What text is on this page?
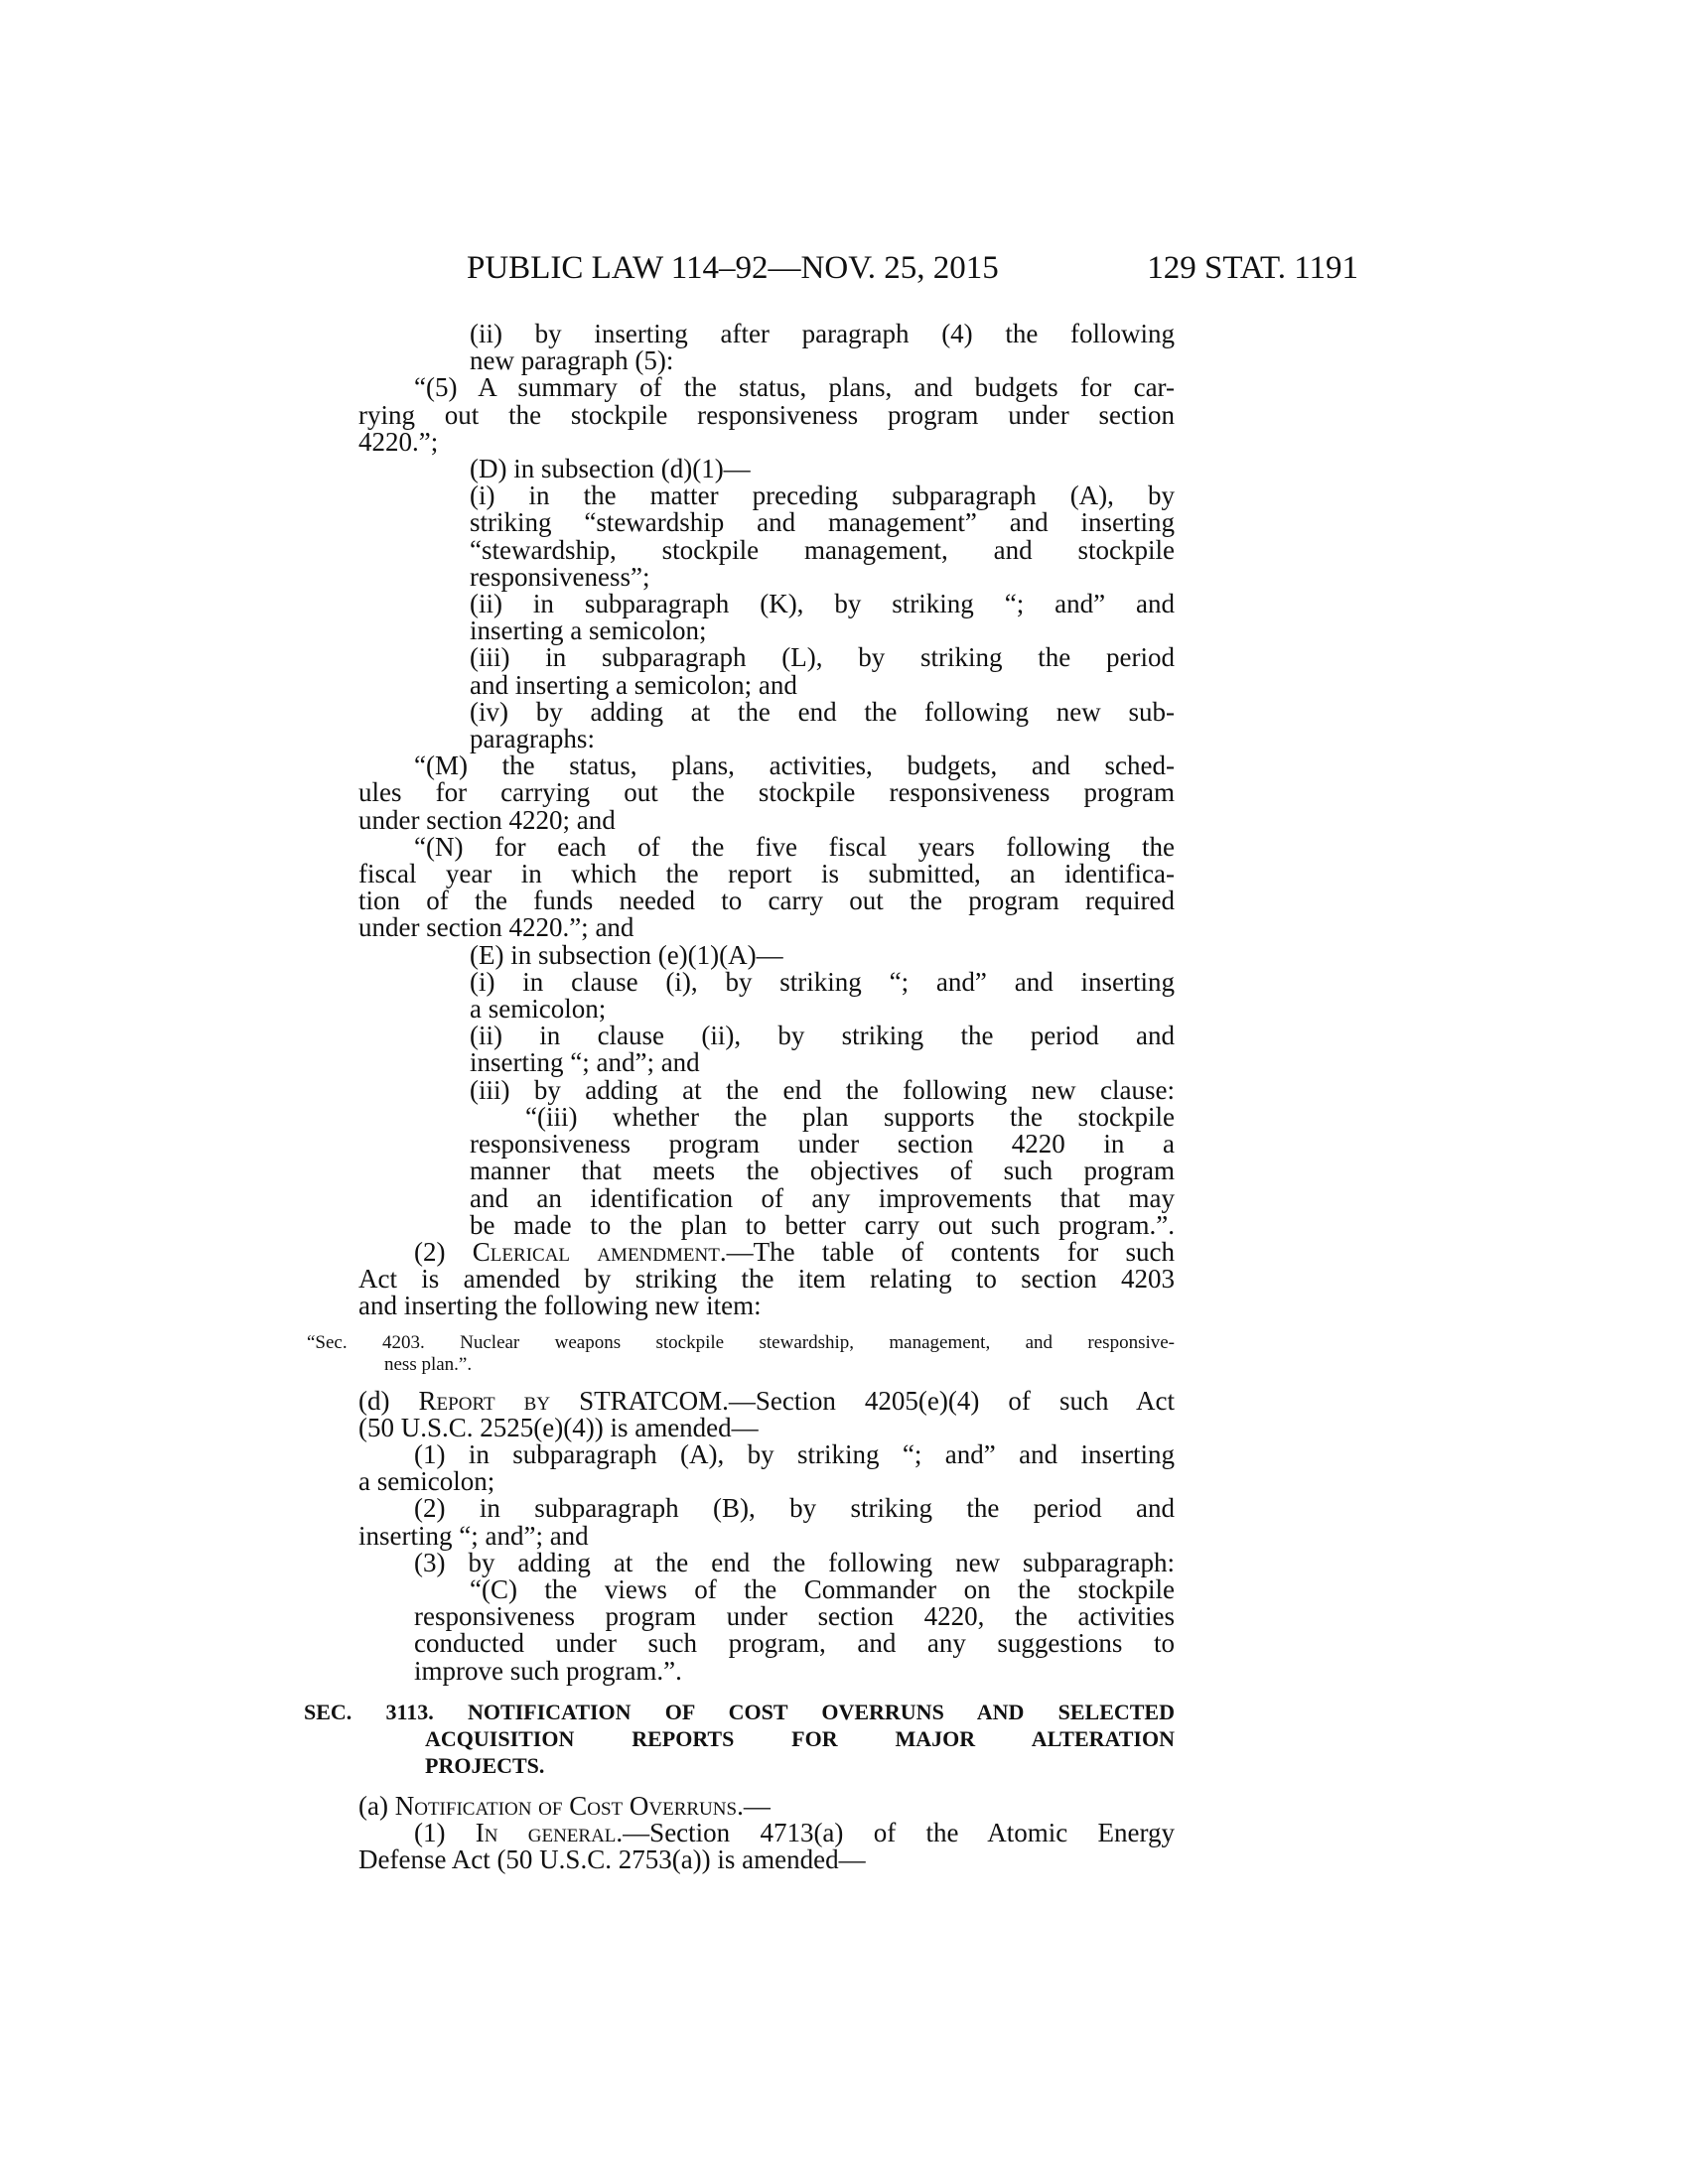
PUBLIC LAW 114–92—NOV. 25, 2015	129 STAT. 1191
(ii) by inserting after paragraph (4) the following
new paragraph (5):
“(5) A summary of the status, plans, and budgets for car-
rying out the stockpile responsiveness program under section
4220.”;
(D) in subsection (d)(1)—
(i) in the matter preceding subparagraph (A), by
striking “stewardship and management” and inserting
“stewardship, stockpile management, and stockpile
responsiveness”;
(ii) in subparagraph (K), by striking “; and” and
inserting a semicolon;
(iii) in subparagraph (L), by striking the period
and inserting a semicolon; and
(iv) by adding at the end the following new sub-
paragraphs:
“(M) the status, plans, activities, budgets, and sched-
ules for carrying out the stockpile responsiveness program
under section 4220; and
“(N) for each of the five fiscal years following the
fiscal year in which the report is submitted, an identifica-
tion of the funds needed to carry out the program required
under section 4220.”; and
(E) in subsection (e)(1)(A)—
(i) in clause (i), by striking “; and” and inserting
a semicolon;
(ii) in clause (ii), by striking the period and
inserting “; and”; and
(iii) by adding at the end the following new clause:
“(iii) whether the plan supports the stockpile
responsiveness program under section 4220 in a
manner that meets the objectives of such program
and an identification of any improvements that may
be made to the plan to better carry out such program.”.
(2) Clerical amendment.—The table of contents for such
Act is amended by striking the item relating to section 4203
and inserting the following new item:
“Sec. 4203. Nuclear weapons stockpile stewardship, management, and responsive-
ness plan.”.
(d) Report by STRATCOM.—Section 4205(e)(4) of such Act
(50 U.S.C. 2525(e)(4)) is amended—
(1) in subparagraph (A), by striking “; and” and inserting
a semicolon;
(2) in subparagraph (B), by striking the period and
inserting “; and”; and
(3) by adding at the end the following new subparagraph:
“(C) the views of the Commander on the stockpile
responsiveness program under section 4220, the activities
conducted under such program, and any suggestions to
improve such program.”.
SEC. 3113. NOTIFICATION OF COST OVERRUNS AND SELECTED
ACQUISITION REPORTS FOR MAJOR ALTERATION
PROJECTS.
(a) Notification of Cost Overruns.—
(1) In general.—Section 4713(a) of the Atomic Energy
Defense Act (50 U.S.C. 2753(a)) is amended—
